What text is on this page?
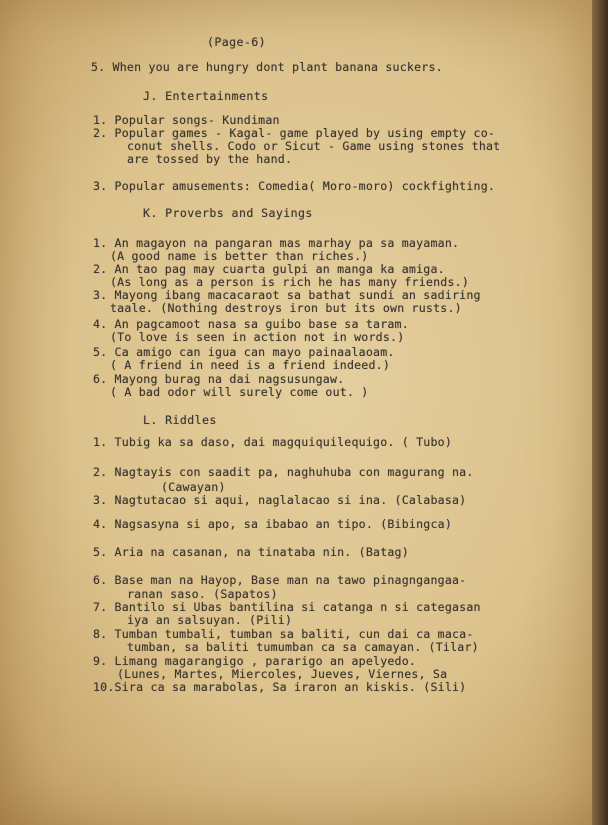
(Page-6)
5. When you are hungry dont plant banana suckers.
J. Entertainments
1. Popular songs- Kundiman
2. Popular games - Kagal- game played by using empty co-
conut shells. Codo or Sicut - Game using stones that
are tossed by the hand.
3. Popular amusements: Comedia( Moro-moro) cockfighting.
K. Proverbs and Sayings
1. An magayon na pangaran mas marhay pa sa mayaman.
(A good name is better than riches.)
2. An tao pag may cuarta gulpi an manga ka amiga.
(As long as a person is rich he has many friends.)
3. Mayong ibang macacaraot sa bathat sundi an sadiring
taale. (Nothing destroys iron but its own rusts.)
4. An pagcamoot nasa sa guibo base sa taram.
(To love is seen in action not in words.)
5. Ca amigo can igua can mayo painaalaoam.
( A friend in need is a friend indeed.)
6. Mayong burag na dai nagsusungaw.
( A bad odor will surely come out. )
L. Riddles
1. Tubig ka sa daso, dai magquiquilequigo. ( Tubo)
2. Nagtayis con saadit pa, naghuhuba con magurang na.
(Cawayan)
3. Nagtutacao si aqui, naglalacao si ina. (Calabasa)
4. Nagsasyna si apo, sa ibabao an tipo. (Bibingca)
5. Aria na casanan, na tinataba nin. (Batag)
6. Base man na Hayop, Base man na tawo pinagngangaa-
ranan saso. (Sapatos)
7. Bantilo si Ubas bantilina si catanga n si categasan
iya an salsuyan. (Pili)
8. Tumban tumbali, tumban sa baliti, cun dai ca maca-
tumban, sa baliti tumumban ca sa camayan. (Tilar)
9. Limang magarangigo , pararigo an apelyedo.
(Lunes, Martes, Miercoles, Jueves, Viernes, Sa
10.Sira ca sa marabolas, Sa iraron an kiskis. (Sili)
